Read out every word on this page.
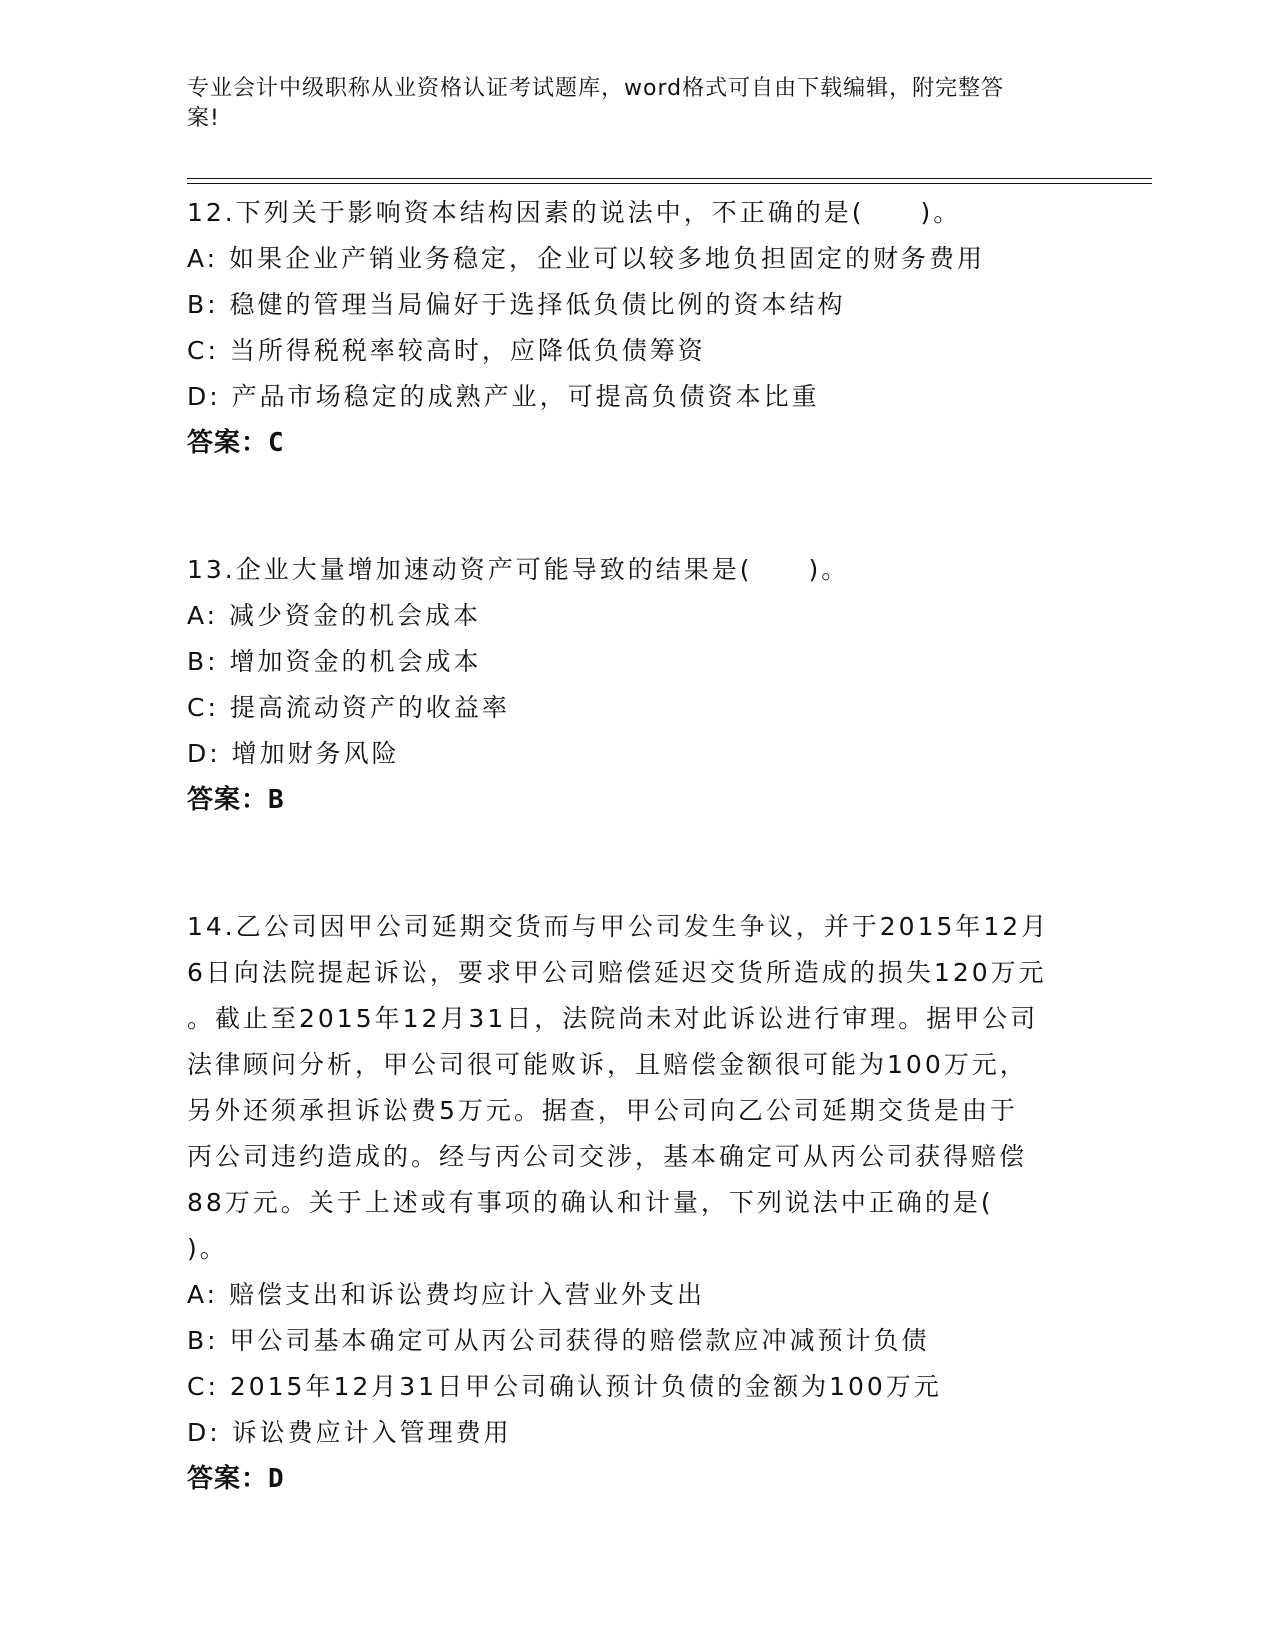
专业会计中级职称从业资格认证考试题库，word格式可自由下载编辑，附完整答
案!
12.下列关于影响资本结构因素的说法中，不正确的是(　　)。
A: 如果企业产销业务稳定，企业可以较多地负担固定的财务费用
B: 稳健的管理当局偏好于选择低负债比例的资本结构
C: 当所得税税率较高时，应降低负债筹资
D: 产品市场稳定的成熟产业，可提高负债资本比重
答案：C
13.企业大量增加速动资产可能导致的结果是(　　)。
A: 减少资金的机会成本
B: 增加资金的机会成本
C: 提高流动资产的收益率
D: 增加财务风险
答案：B
14.乙公司因甲公司延期交货而与甲公司发生争议，并于2015年12月
6日向法院提起诉讼，要求甲公司赔偿延迟交货所造成的损失120万元
。截止至2015年12月31日，法院尚未对此诉讼进行审理。据甲公司
法律顾问分析，甲公司很可能败诉，且赔偿金额很可能为100万元，
另外还须承担诉讼费5万元。据查，甲公司向乙公司延期交货是由于
丙公司违约造成的。经与丙公司交涉，基本确定可从丙公司获得赔偿
88万元。关于上述或有事项的确认和计量，下列说法中正确的是(
)。
A: 赔偿支出和诉讼费均应计入营业外支出
B: 甲公司基本确定可从丙公司获得的赔偿款应冲减预计负债
C: 2015年12月31日甲公司确认预计负债的金额为100万元
D: 诉讼费应计入管理费用
答案：D
